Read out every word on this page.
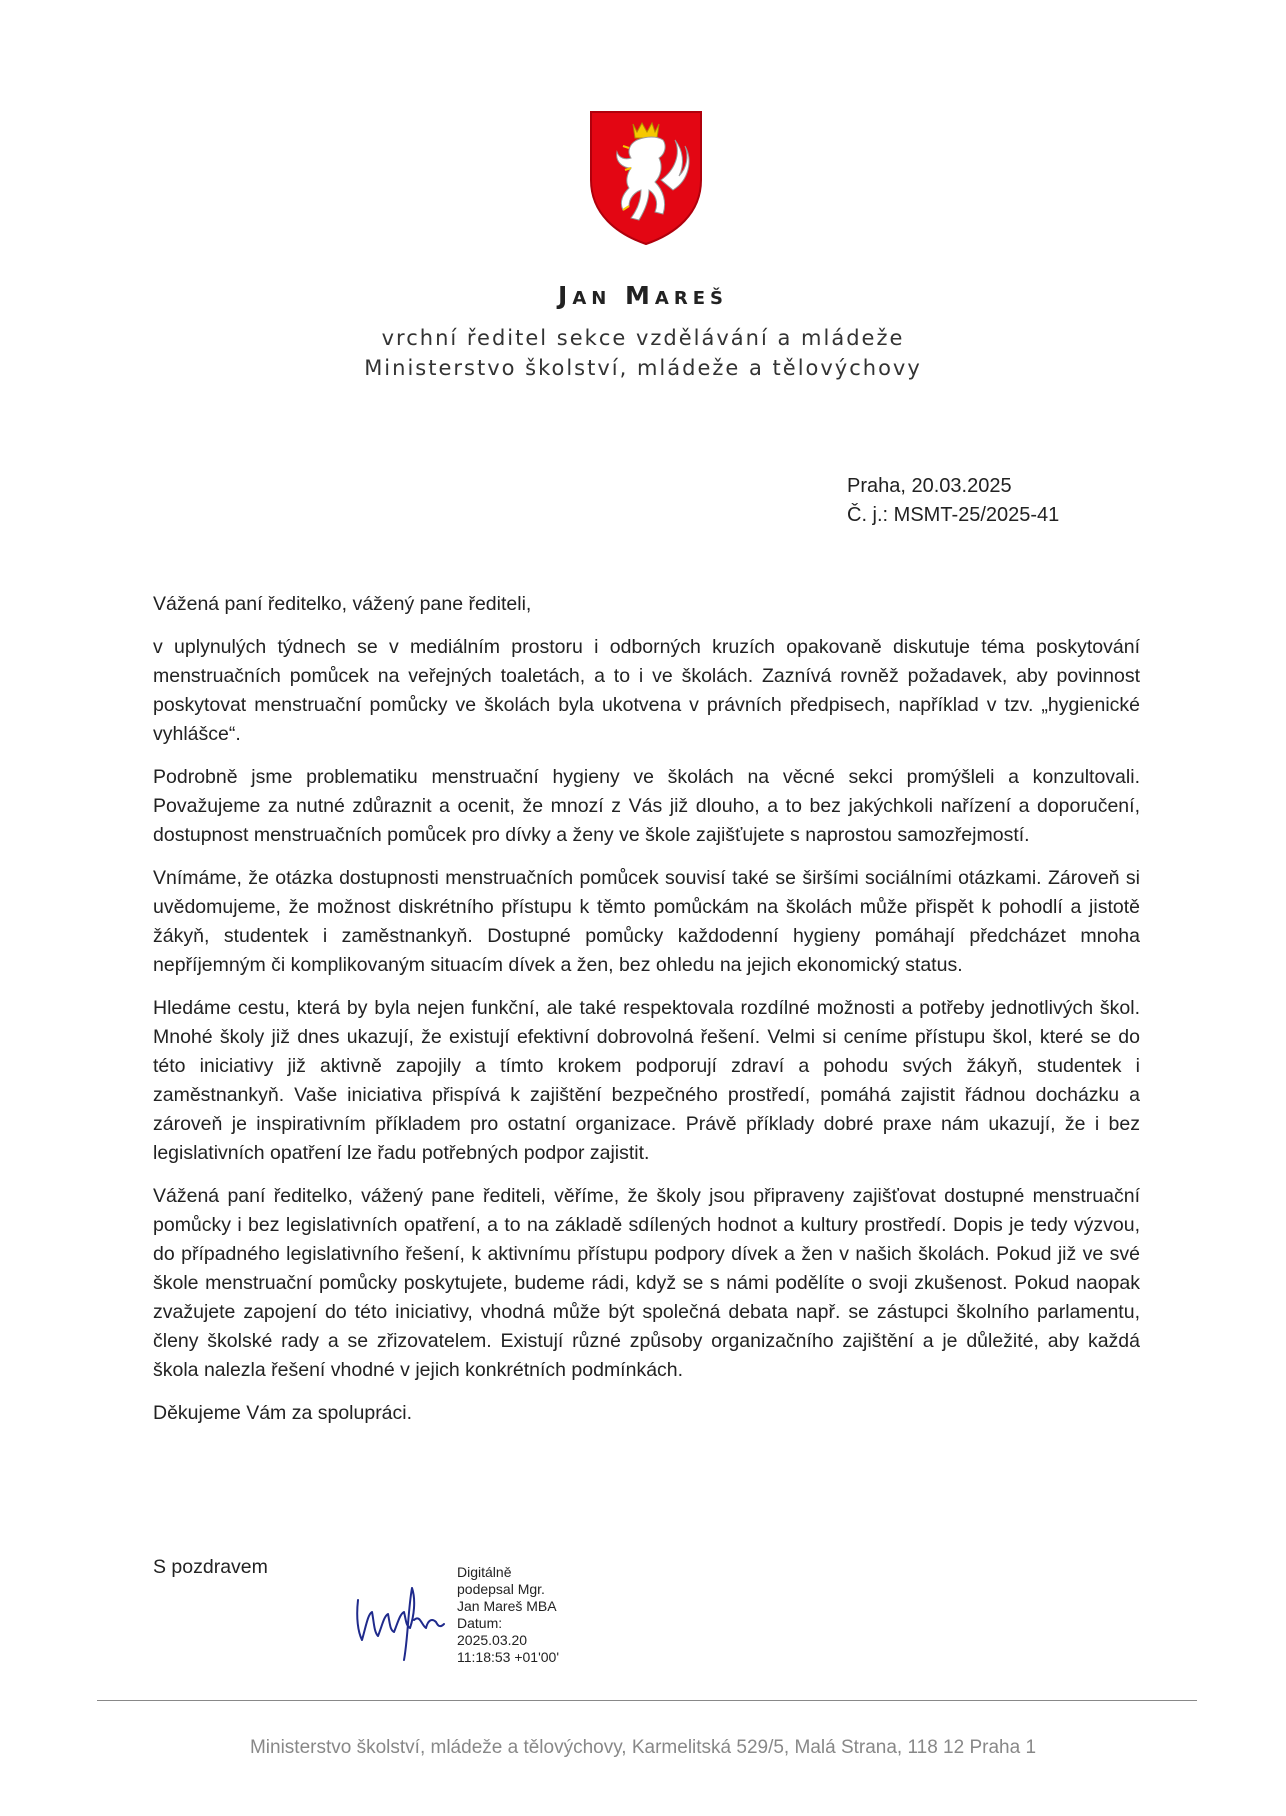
Jan Mareš
vrchní ředitel sekce vzdělávání a mládeže
Ministerstvo školství, mládeže a tělovýchovy
Praha, 20.03.2025
Č. j.: MSMT-25/2025-41

Vážená paní ředitelko, vážený pane řediteli,

v uplynulých týdnech se v mediálním prostoru i odborných kruzích opakovaně diskutuje téma poskytování menstruačních pomůcek na veřejných toaletách, a to i ve školách. Zaznívá rovněž požadavek, aby povinnost poskytovat menstruační pomůcky ve školách byla ukotvena v právních předpisech, například v tzv. „hygienické vyhlášce“.

Podrobně jsme problematiku menstruační hygieny ve školách na věcné sekci promýšleli a konzultovali. Považujeme za nutné zdůraznit a ocenit, že mnozí z Vás již dlouho, a to bez jakýchkoli nařízení a doporučení, dostupnost menstruačních pomůcek pro dívky a ženy ve škole zajišťujete s naprostou samozřejmostí.

Vnímáme, že otázka dostupnosti menstruačních pomůcek souvisí také se širšími sociálními otázkami. Zároveň si uvědomujeme, že možnost diskrétního přístupu k těmto pomůckám na školách může přispět k pohodlí a jistotě žákyň, studentek i zaměstnankyň. Dostupné pomůcky každodenní hygieny pomáhají předcházet mnoha nepříjemným či komplikovaným situacím dívek a žen, bez ohledu na jejich ekonomický status.

Hledáme cestu, která by byla nejen funkční, ale také respektovala rozdílné možnosti a potřeby jednotlivých škol. Mnohé školy již dnes ukazují, že existují efektivní dobrovolná řešení. Velmi si ceníme přístupu škol, které se do této iniciativy již aktivně zapojily a tímto krokem podporují zdraví a pohodu svých žákyň, studentek i zaměstnankyň. Vaše iniciativa přispívá k zajištění bezpečného prostředí, pomáhá zajistit řádnou docházku a zároveň je inspirativním příkladem pro ostatní organizace. Právě příklady dobré praxe nám ukazují, že i bez legislativních opatření lze řadu potřebných podpor zajistit.

Vážená paní ředitelko, vážený pane řediteli, věříme, že školy jsou připraveny zajišťovat dostupné menstruační pomůcky i bez legislativních opatření, a to na základě sdílených hodnot a kultury prostředí. Dopis je tedy výzvou, do případného legislativního řešení, k aktivnímu přístupu podpory dívek a žen v našich školách. Pokud již ve své škole menstruační pomůcky poskytujete, budeme rádi, když se s námi podělíte o svoji zkušenost. Pokud naopak zvažujete zapojení do této iniciativy, vhodná může být společná debata např. se zástupci školního parlamentu, členy školské rady a se zřizovatelem. Existují různé způsoby organizačního zajištění a je důležité, aby každá škola nalezla řešení vhodné v jejich konkrétních podmínkách.

Děkujeme Vám za spolupráci.

S pozdravem	Digitálně
podepsal Mgr.
Jan Mareš MBA
Datum:
2025.03.20
11:18:53 +01'00'
Ministerstvo školství, mládeže a tělovýchovy, Karmelitská 529/5, Malá Strana, 118 12 Praha 1
